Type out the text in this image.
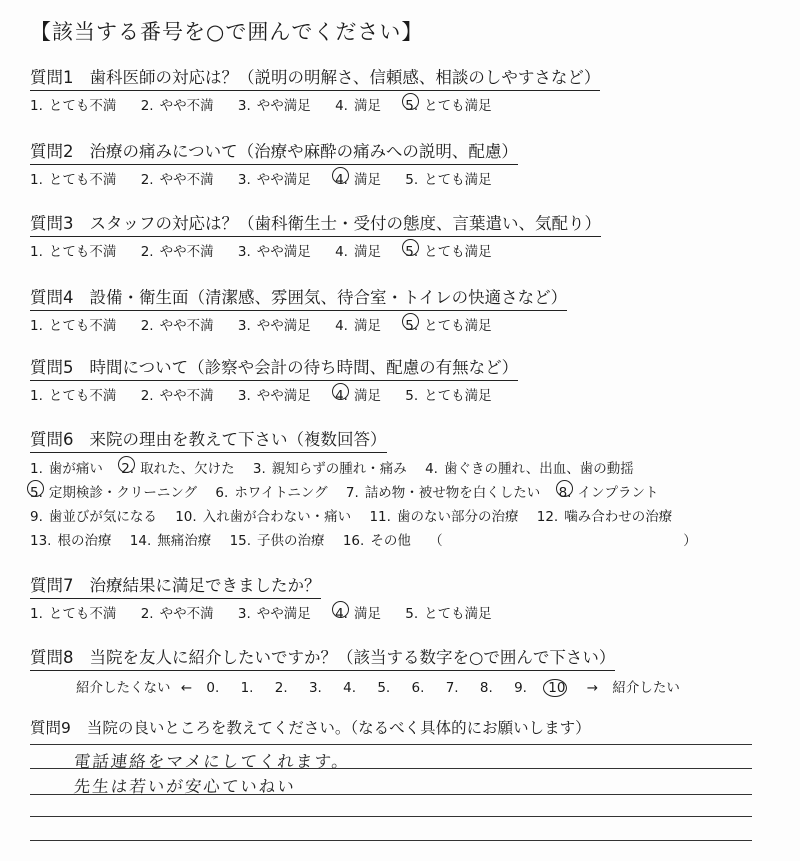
【該当する番号を○で囲んでください】
質問1 歯科医師の対応は？（説明の明解さ、信頼感、相談のしやすさなど）
1. とても不満 2. やや不満 3. やや満足 4. 満足 5. とても満足
質問2 治療の痛みについて（治療や麻酔の痛みへの説明、配慮）
1. とても不満 2. やや不満 3. やや満足 4. 満足 5. とても満足
質問3 スタッフの対応は？（歯科衛生士・受付の態度、言葉遣い、気配り）
1. とても不満 2. やや不満 3. やや満足 4. 満足 5. とても満足
質問4 設備・衛生面（清潔感、雰囲気、待合室・トイレの快適さなど）
1. とても不満 2. やや不満 3. やや満足 4. 満足 5. とても満足
質問5 時間について（診察や会計の待ち時間、配慮の有無など）
1. とても不満 2. やや不満 3. やや満足 4. 満足 5. とても満足
質問6 来院の理由を教えて下さい（複数回答）
1. 歯が痛い 2. 取れた、欠けた 3. 親知らずの腫れ・痛み 4. 歯ぐきの腫れ、出血、歯の動揺
5. 定期検診・クリーニング 6. ホワイトニング 7. 詰め物・被せ物を白くしたい 8. インプラント
9. 歯並びが気になる 10. 入れ歯が合わない・痛い 11. 歯のない部分の治療 12. 噛み合わせの治療
13. 根の治療 14. 無痛治療 15. 子供の治療 16. その他 （	）
質問7 治療結果に満足できましたか？
1. とても不満 2. やや不満 3. やや満足 4. 満足 5. とても満足
質問8 当院を友人に紹介したいですか？（該当する数字を○で囲んで下さい）
紹介したくない ← 0. 1. 2. 3. 4. 5. 6. 7. 8. 9. 10 → 紹介したい
質問9 当院の良いところを教えてください。（なるべく具体的にお願いします）
電話連絡をマメにしてくれます。
先生は若いが安心ていねい
